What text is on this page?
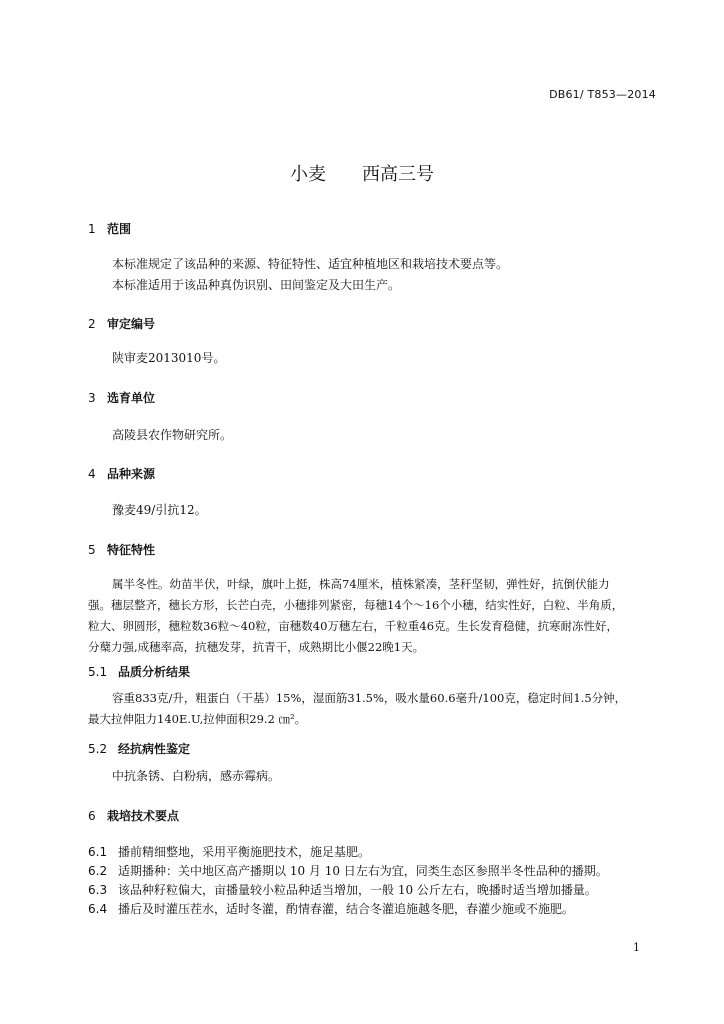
DB61/ T853—2014
小麦 西高三号
1 范围
本标准规定了该品种的来源、特征特性、适宜种植地区和栽培技术要点等。
本标准适用于该品种真伪识别、田间鉴定及大田生产。
2 审定编号
陕审麦2013010号。
3 选育单位
高陵县农作物研究所。
4 品种来源
豫麦49/引抗12。
5 特征特性
属半冬性。幼苗半伏，叶绿，旗叶上挺，株高74厘米，植株紧凑，茎秆坚韧，弹性好，抗倒伏能力
强。穗层整齐，穗长方形，长芒白壳，小穗排列紧密，每穗14个～16个小穗，结实性好，白粒、半角质，
粒大、卵圆形，穗粒数36粒～40粒，亩穗数40万穗左右，千粒重46克。生长发育稳健，抗寒耐冻性好，
分蘖力强,成穗率高，抗穗发芽，抗青干，成熟期比小偃22晚1天。
5.1 品质分析结果
容重833克/升，粗蛋白（干基）15%，湿面筋31.5%，吸水量60.6毫升/100克，稳定时间1.5分钟，
最大拉伸阻力140E.U,拉伸面积29.2 ㎝²。
5.2 经抗病性鉴定
中抗条锈、白粉病，感赤霉病。
6 栽培技术要点
6.1 播前精细整地，采用平衡施肥技术，施足基肥。
6.2 适期播种：关中地区高产播期以 10 月 10 日左右为宜，同类生态区参照半冬性品种的播期。
6.3 该品种籽粒偏大，亩播量较小粒品种适当增加，一般 10 公斤左右，晚播时适当增加播量。
6.4 播后及时灌压茬水，适时冬灌，酌情春灌，结合冬灌追施越冬肥，春灌少施或不施肥。
1
